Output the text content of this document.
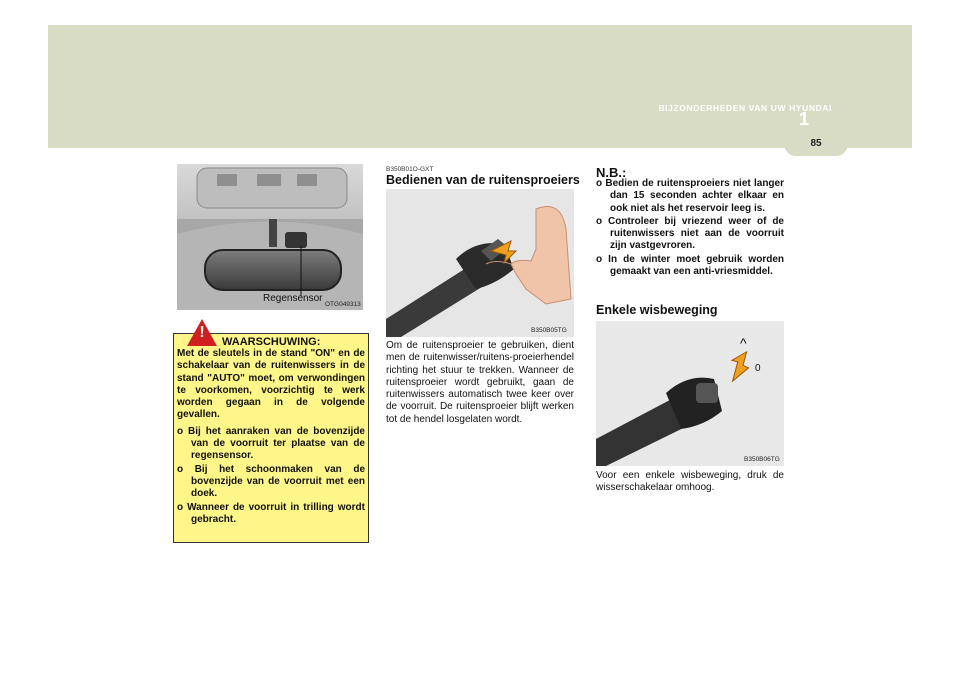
BIJZONDERHEDEN VAN UW HYUNDAI
1
85
Regensensor
OTG049313

Met de sleutels in de stand "ON" en de schakelaar van de ruitenwissers in de stand "AUTO" moet, om verwondingen te voorkomen, voorzichtig te werk worden gegaan in de volgende gevallen.

o Bij het aanraken van de bovenzijde van de voorruit ter plaatse van de regensensor.
o Bij het schoonmaken van de bovenzijde van de voorruit met een doek.
o Wanneer de voorruit in trilling wordt gebracht.
!
WAARSCHUWING:
B350B01O-GXT
Bedienen van de ruitensproeiers
B350B05TG
Om de ruitensproeier te gebruiken, dient men de ruitenwisser/ruitens-proeierhendel richting het stuur te trekken. Wanneer de ruitensproeier wordt gebruikt, gaan de ruitenwissers automatisch twee keer over de voorruit. De ruitensproeier blijft werken tot de hendel losgelaten wordt.
N.B.:
o Bedien de ruitensproeiers niet langer dan 15 seconden achter elkaar en ook niet als het reservoir leeg is.
o Controleer bij vriezend weer of de ruitenwissers niet aan de voorruit zijn vastgevroren.
o In de winter moet gebruik worden gemaakt van een anti-vriesmiddel.
Enkele wisbeweging
^
0
B350B06TG
Voor een enkele wisbeweging, druk de wisserschakelaar omhoog.
